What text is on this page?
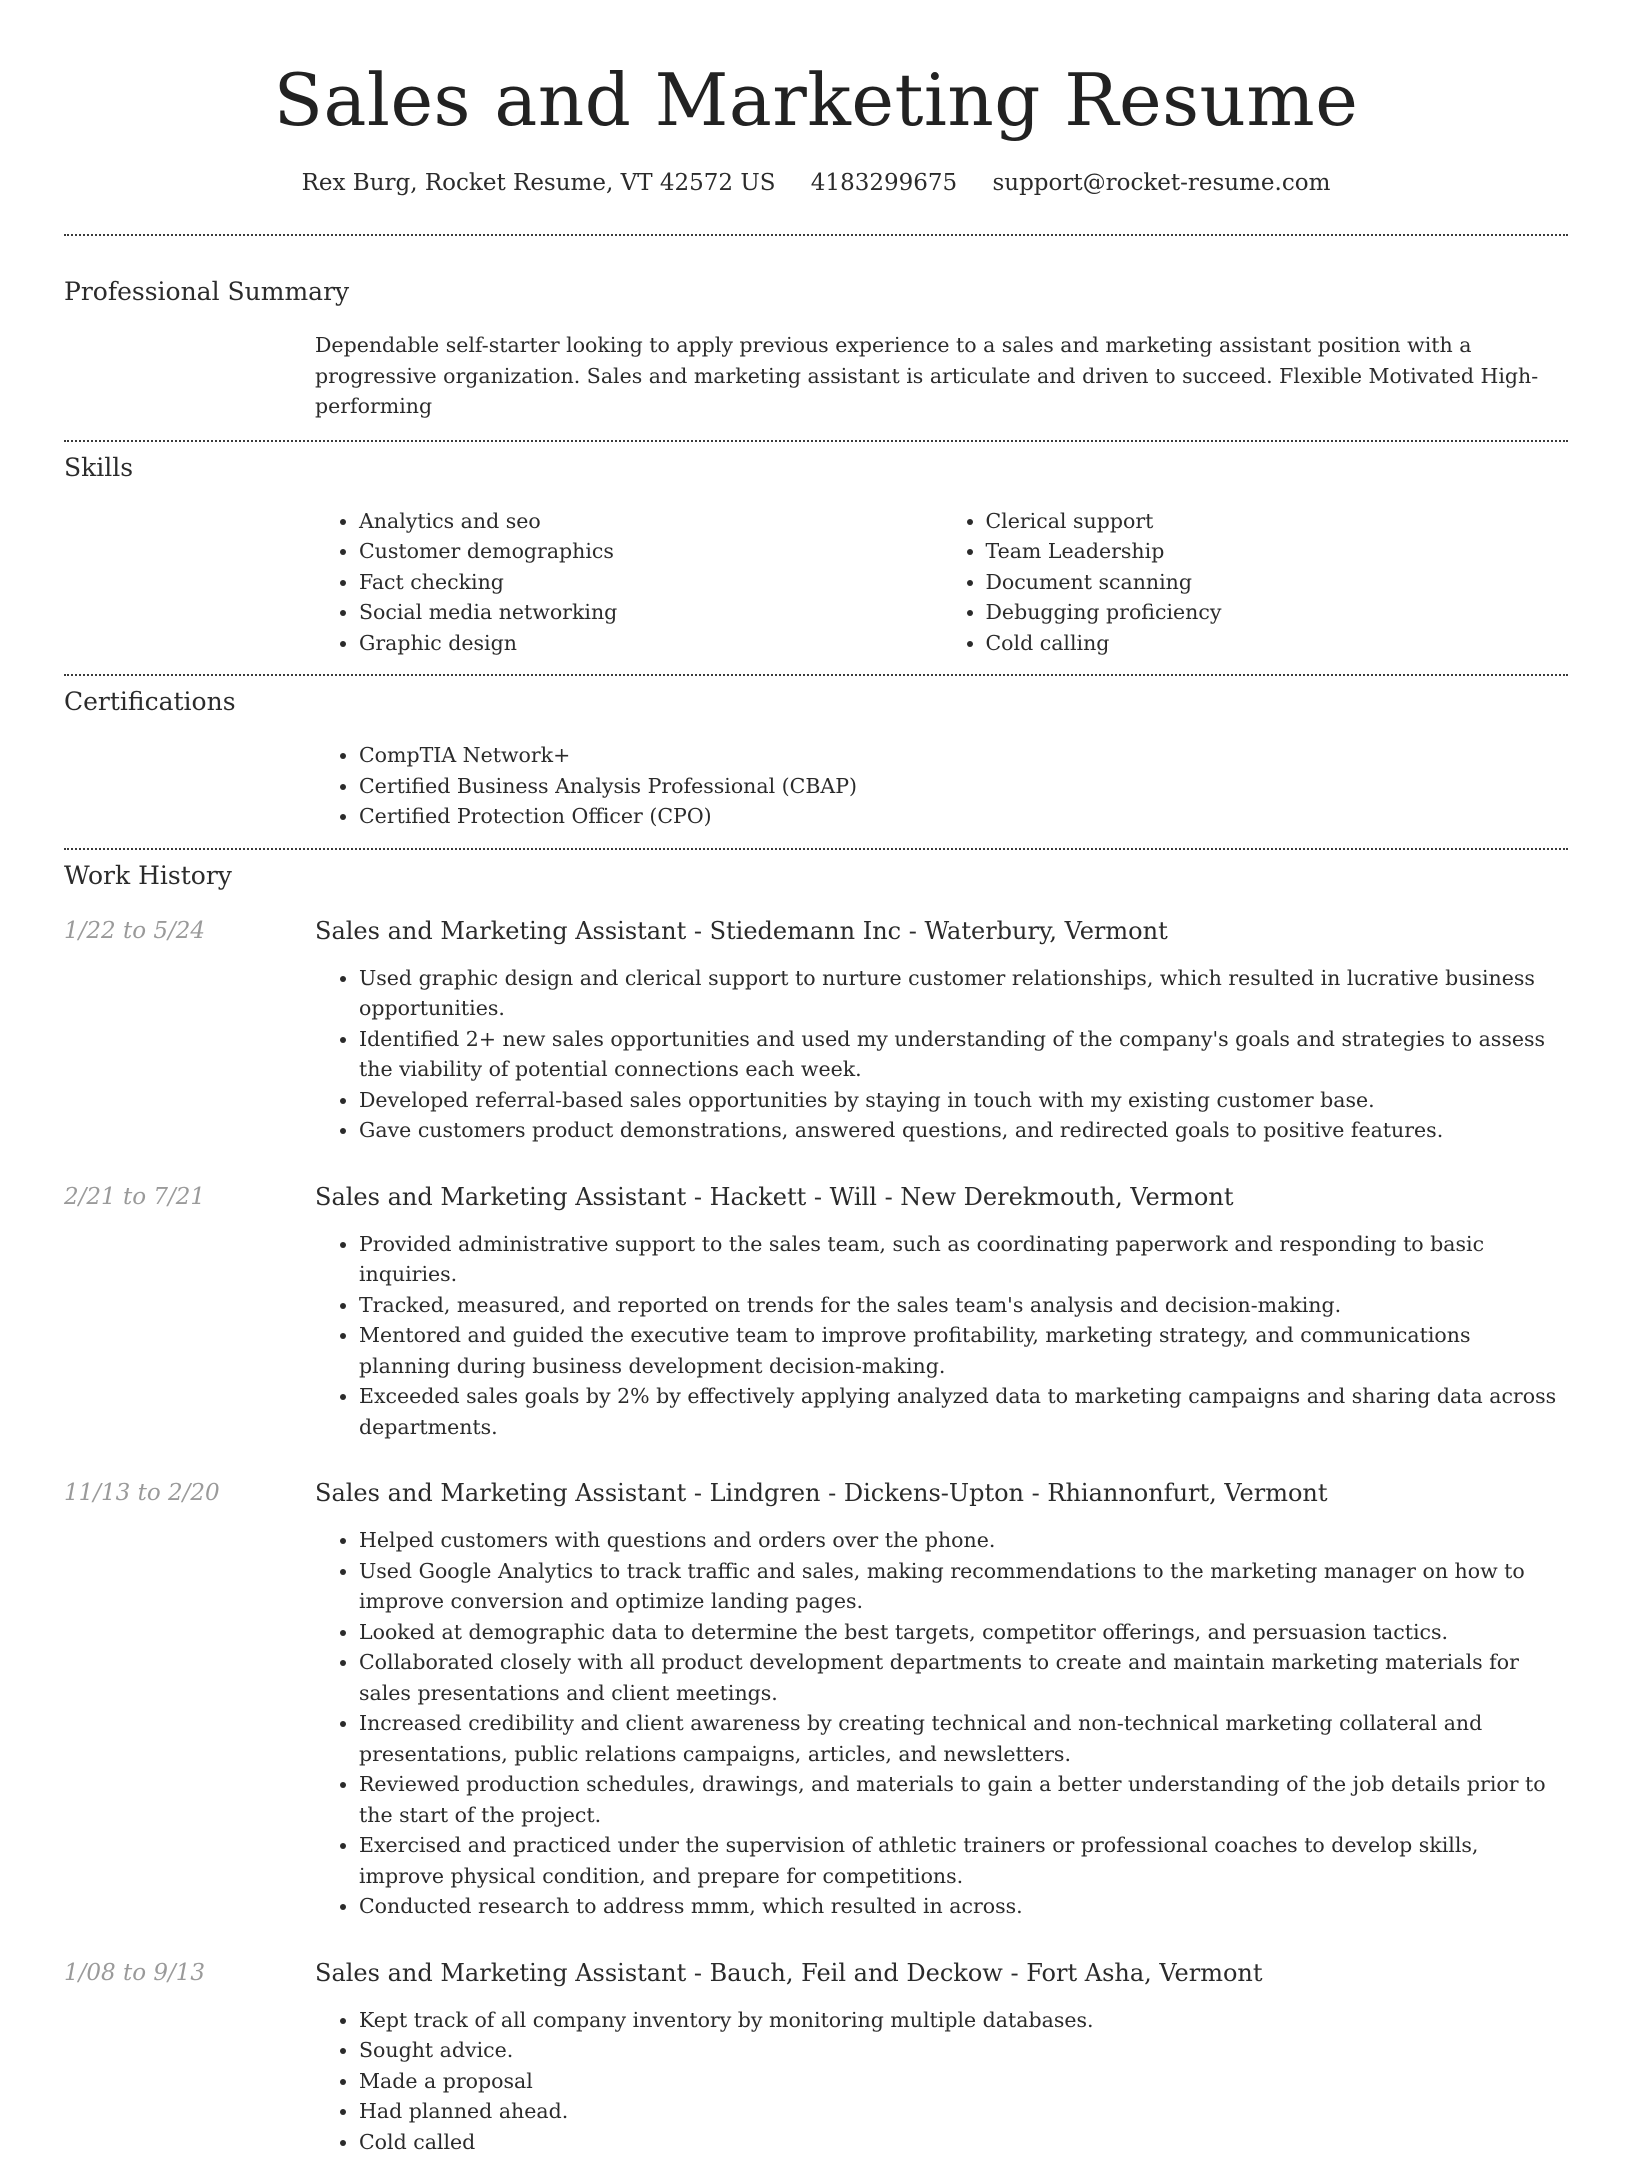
Sales and Marketing Resume
Rex Burg, Rocket Resume, VT 42572 US 4183299675 support@rocket-resume.com
Professional Summary

Dependable self-starter looking to apply previous experience to a sales and marketing assistant position with a progressive organization. Sales and marketing assistant is articulate and driven to succeed. Flexible Motivated High-performing

Skills
• Analytics and seo
• Customer demographics
• Fact checking
• Social media networking
• Graphic design
• Clerical support
• Team Leadership
• Document scanning
• Debugging proficiency
• Cold calling
Certifications
• CompTIA Network+
• Certified Business Analysis Professional (CBAP)
• Certified Protection Officer (CPO)
Work History
1/22 to 5/24	Sales and Marketing Assistant - Stiedemann Inc - Waterbury, Vermont
• Used graphic design and clerical support to nurture customer relationships, which resulted in lucrative business opportunities.
• Identified 2+ new sales opportunities and used my understanding of the company's goals and strategies to assess the viability of potential connections each week.
• Developed referral-based sales opportunities by staying in touch with my existing customer base.
• Gave customers product demonstrations, answered questions, and redirected goals to positive features.
2/21 to 7/21	Sales and Marketing Assistant - Hackett - Will - New Derekmouth, Vermont
• Provided administrative support to the sales team, such as coordinating paperwork and responding to basic inquiries.
• Tracked, measured, and reported on trends for the sales team's analysis and decision-making.
• Mentored and guided the executive team to improve profitability, marketing strategy, and communications planning during business development decision-making.
• Exceeded sales goals by 2% by effectively applying analyzed data to marketing campaigns and sharing data across departments.
11/13 to 2/20	Sales and Marketing Assistant - Lindgren - Dickens-Upton - Rhiannonfurt, Vermont
• Helped customers with questions and orders over the phone.
• Used Google Analytics to track traffic and sales, making recommendations to the marketing manager on how to improve conversion and optimize landing pages.
• Looked at demographic data to determine the best targets, competitor offerings, and persuasion tactics.
• Collaborated closely with all product development departments to create and maintain marketing materials for sales presentations and client meetings.
• Increased credibility and client awareness by creating technical and non-technical marketing collateral and presentations, public relations campaigns, articles, and newsletters.
• Reviewed production schedules, drawings, and materials to gain a better understanding of the job details prior to the start of the project.
• Exercised and practiced under the supervision of athletic trainers or professional coaches to develop skills, improve physical condition, and prepare for competitions.
• Conducted research to address mmm, which resulted in across.
1/08 to 9/13	Sales and Marketing Assistant - Bauch, Feil and Deckow - Fort Asha, Vermont
• Kept track of all company inventory by monitoring multiple databases.
• Sought advice.
• Made a proposal
• Had planned ahead.
• Cold called
